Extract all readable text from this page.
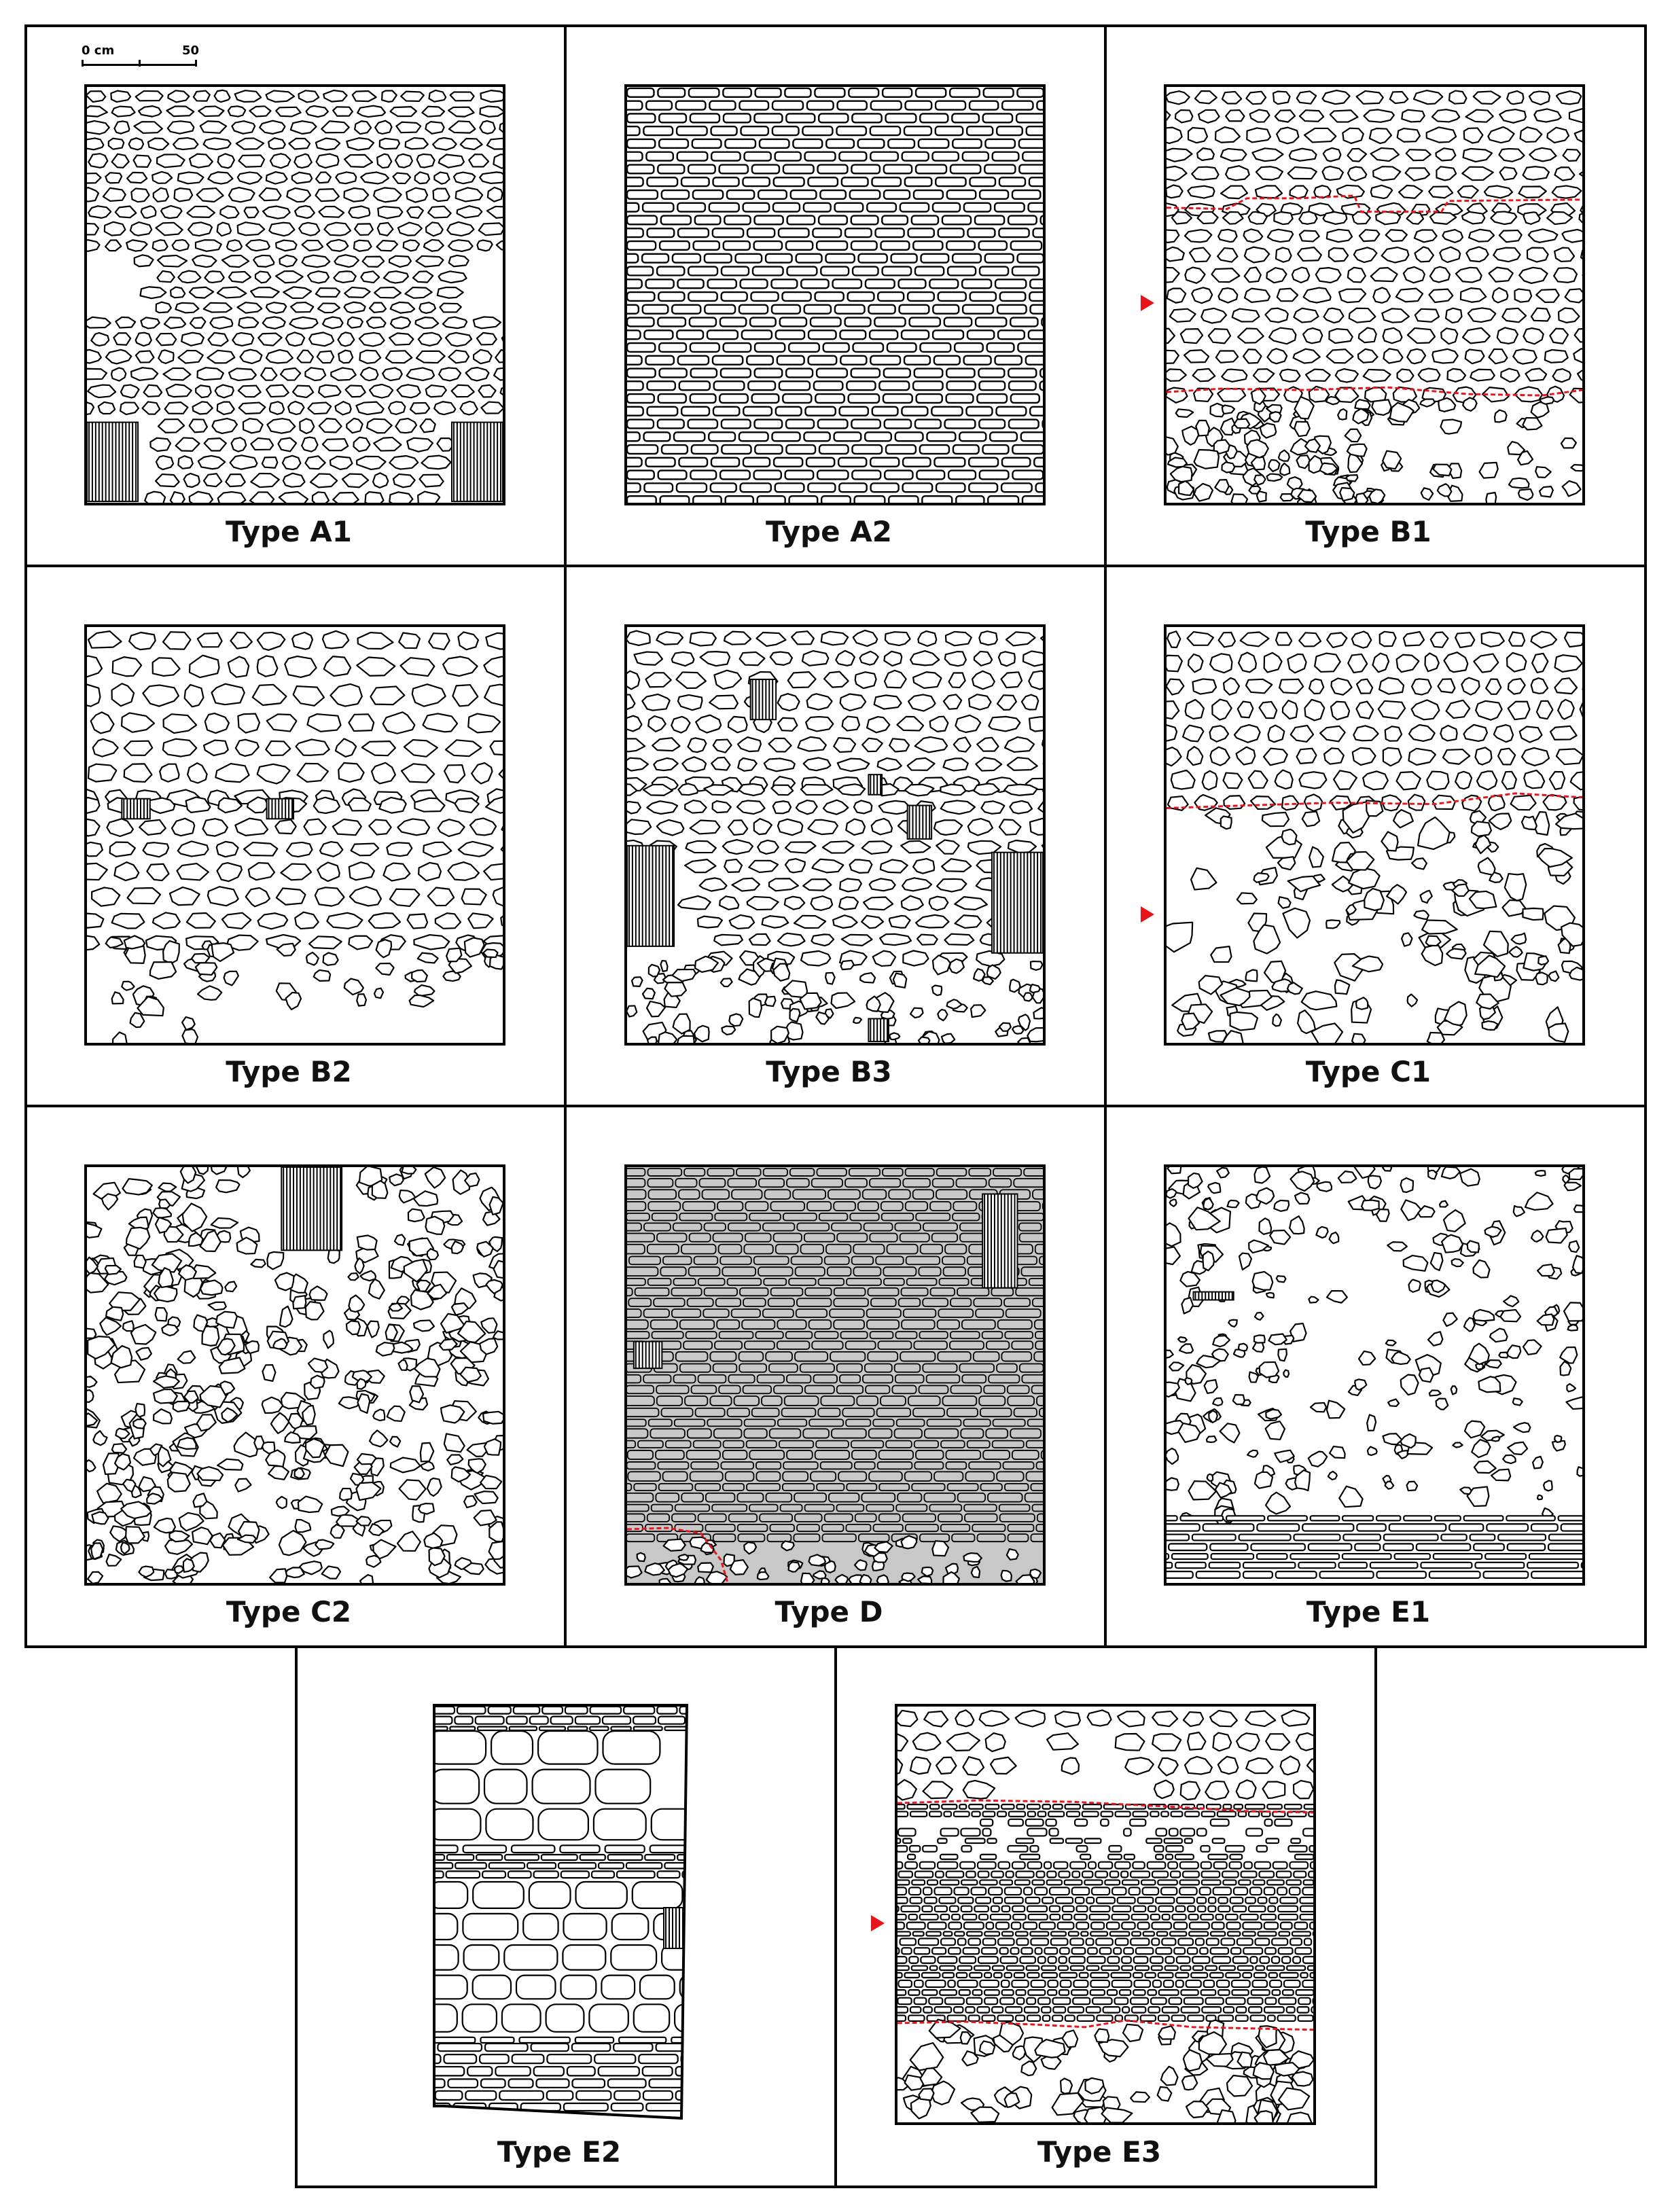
0 cm	50
Type A1	Type A2	Type B1
Type B2	Type B3	Type C1
Type C2	Type D	Type E1
Type E2	Type E3
